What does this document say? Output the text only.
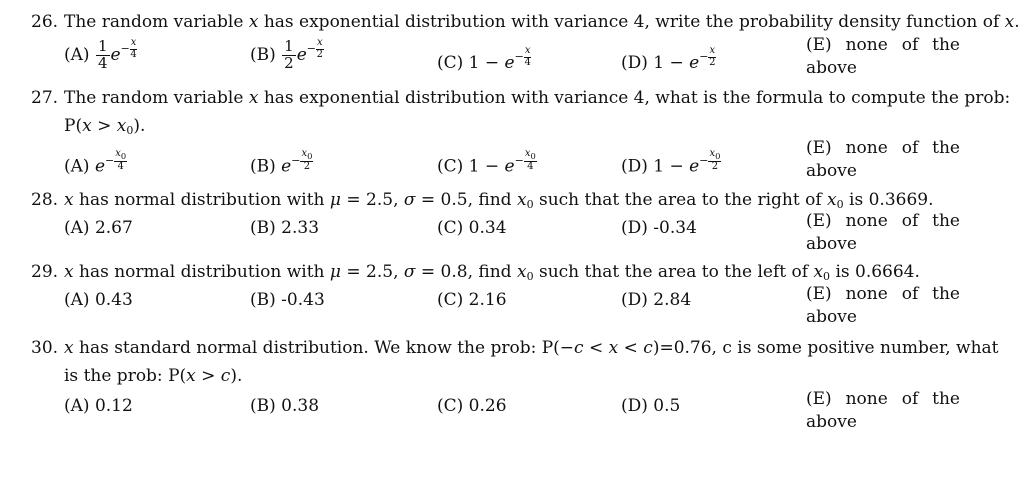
26. The random variable x has exponential distribution with variance 4, write the probability density function of x.
$(A) \frac{1}{4} e^{- \frac{x}{4}}$	$(B) \frac{1}{2} e^{- \frac{x}{2}}$
(C) $1 - e^{- \frac{x}{4}}$	(D) $1 - e^{- \frac{x}{2}}$
(E) none of the
above
27. The random variable x has exponential distribution with variance 4, what is the formula to compute the prob:
$P(x > x_0)$.
(A) $e^{- \frac{x_0}{4}}$	(B) $e^{- \frac{x_0}{2}}$	(C) $1 - e^{- \frac{x_0}{4}}$	(D) $1 - e^{- \frac{x_0}{2}}$
(E) none of the
above
28. x has normal distribution with μ = 2.5, σ = 0.5, find $x_0$ such that the area to the right of $x_0$ is 0.3669.
(A) 2.67	(B) 2.33	(C) 0.34	(D) -0.34	(E) none of the
above
29. x has normal distribution with μ = 2.5, σ = 0.8, find $x_0$ such that the area to the left of $x_0$ is 0.6664.
(A) 0.43	(B) -0.43	(C) 2.16	(D) 2.84	(E) none of the
above
30. x has standard normal distribution. We know the prob: P(−c < x < c)=0.76, c is some positive number, what
is the prob: P(x > c).
(A) 0.12	(B) 0.38	(C) 0.26	(D) 0.5	(E) none of the
above
